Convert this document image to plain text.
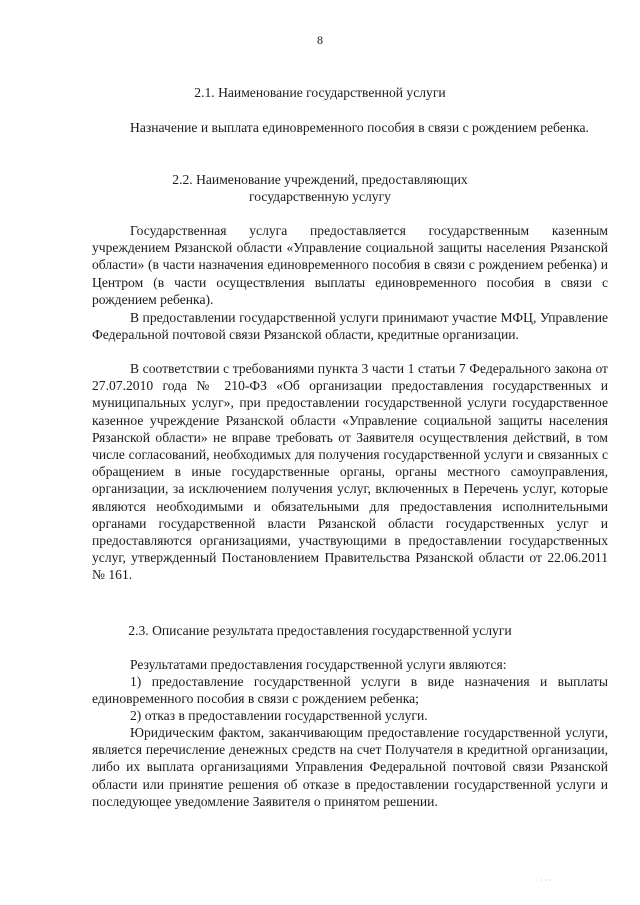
8
2.1. Наименование государственной услуги

Назначение и выплата единовременного пособия в связи с рождением ребенка.

2.2. Наименование учреждений, предоставляющих
государственную услугу

Государственная услуга предоставляется государственным казенным учреждением Рязанской области «Управление социальной защиты населения Рязанской области» (в части назначения единовременного пособия в связи с рождением ребенка) и Центром (в части осуществления выплаты единовременного пособия в связи с рождением ребенка).

В предоставлении государственной услуги принимают участие МФЦ, Управление Федеральной почтовой связи Рязанской области, кредитные организации.

В соответствии с требованиями пункта 3 части 1 статьи 7 Федерального закона от 27.07.2010 года № 210-ФЗ «Об организации предоставления государственных и муниципальных услуг», при предоставлении государственной услуги государственное казенное учреждение Рязанской области «Управление социальной защиты населения Рязанской области» не вправе требовать от Заявителя осуществления действий, в том числе согласований, необходимых для получения государственной услуги и связанных с обращением в иные государственные органы, органы местного самоуправления, организации, за исключением получения услуг, включенных в Перечень услуг, которые являются необходимыми и обязательными для предоставления исполнительными органами государственной власти Рязанской области государственных услуг и предоставляются организациями, участвующими в предоставлении государственных услуг, утвержденный Постановлением Правительства Рязанской области от 22.06.2011 № 161.

2.3. Описание результата предоставления государственной услуги

Результатами предоставления государственной услуги являются:

1) предоставление государственной услуги в виде назначения и выплаты единовременного пособия в связи с рождением ребенка;

2) отказ в предоставлении государственной услуги.

Юридическим фактом, заканчивающим предоставление государственной услуги, является перечисление денежных средств на счет Получателя в кредитной организации, либо их выплата организациями Управления Федеральной почтовой связи Рязанской области или принятие решения об отказе в предоставлении государственной услуги и последующее уведомление Заявителя о принятом решении.

· · ·
